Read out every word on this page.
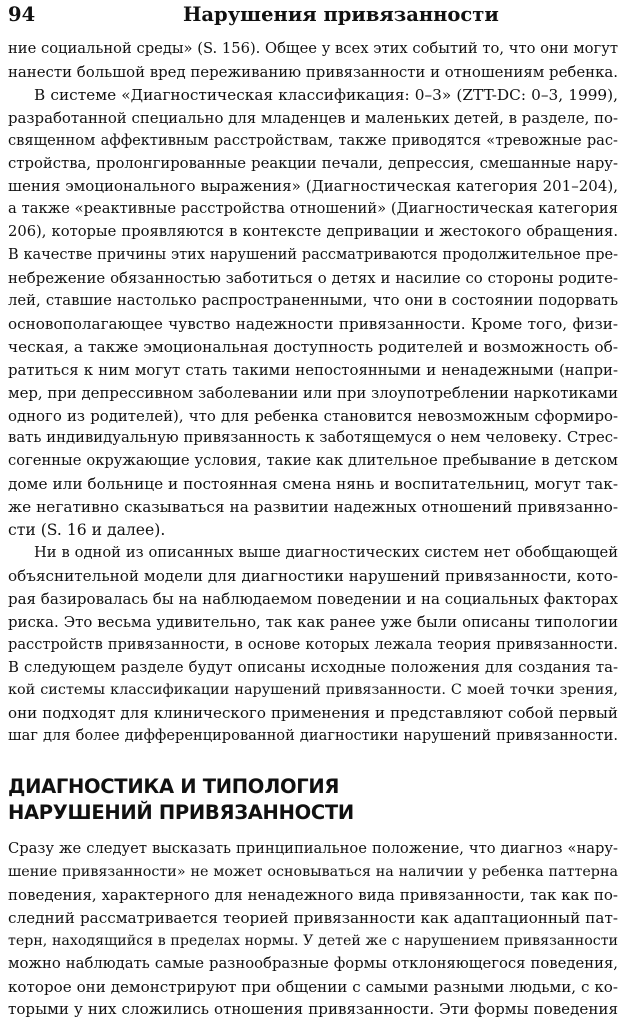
94	Нарушения привязанности

ние социальной среды» (S. 156). Общее у всех этих событий то, что они могут
нанести большой вред переживанию привязанности и отношениям ребенка.

В системе «Диагностическая классификация: 0–3» (ZTT-DC: 0–3, 1999),
разработанной специально для младенцев и маленьких детей, в разделе, по-
священном аффективным расстройствам, также приводятся «тревожные рас-
стройства, пролонгированные реакции печали, депрессия, смешанные нару-
шения эмоционального выражения» (Диагностическая категория 201–204),
а также «реактивные расстройства отношений» (Диагностическая категория
206), которые проявляются в контексте депривации и жестокого обращения.
В качестве причины этих нарушений рассматриваются продолжительное пре-
небрежение обязанностью заботиться о детях и насилие со стороны родите-
лей, ставшие настолько распространенными, что они в состоянии подорвать
основополагающее чувство надежности привязанности. Кроме того, физи-
ческая, а также эмоциональная доступность родителей и возможность об-
ратиться к ним могут стать такими непостоянными и ненадежными (напри-
мер, при депрессивном заболевании или при злоупотреблении наркотиками
одного из родителей), что для ребенка становится невозможным сформиро-
вать индивидуальную привязанность к заботящемуся о нем человеку. Стрес-
согенные окружающие условия, такие как длительное пребывание в детском
доме или больнице и постоянная смена нянь и воспитательниц, могут так-
же негативно сказываться на развитии надежных отношений привязанно-
сти (S. 16 и далее).

Ни в одной из описанных выше диагностических систем нет обобщающей
объяснительной модели для диагностики нарушений привязанности, кото-
рая базировалась бы на наблюдаемом поведении и на социальных факторах
риска. Это весьма удивительно, так как ранее уже были описаны типологии
расстройств привязанности, в основе которых лежала теория привязанности.
В следующем разделе будут описаны исходные положения для создания та-
кой системы классификации нарушений привязанности. С моей точки зрения,
они подходят для клинического применения и представляют собой первый
шаг для более дифференцированной диагностики нарушений привязанности.

ДИАГНОСТИКА И ТИПОЛОГИЯ
НАРУШЕНИЙ ПРИВЯЗАННОСТИ

Сразу же следует высказать принципиальное положение, что диагноз «нару-
шение привязанности» не может основываться на наличии у ребенка паттерна
поведения, характерного для ненадежного вида привязанности, так как по-
следний рассматривается теорией привязанности как адаптационный пат-
терн, находящийся в пределах нормы. У детей же с нарушением привязанности
можно наблюдать самые разнообразные формы отклоняющегося поведения,
которое они демонстрируют при общении с самыми разными людьми, с ко-
торыми у них сложились отношения привязанности. Эти формы поведения
